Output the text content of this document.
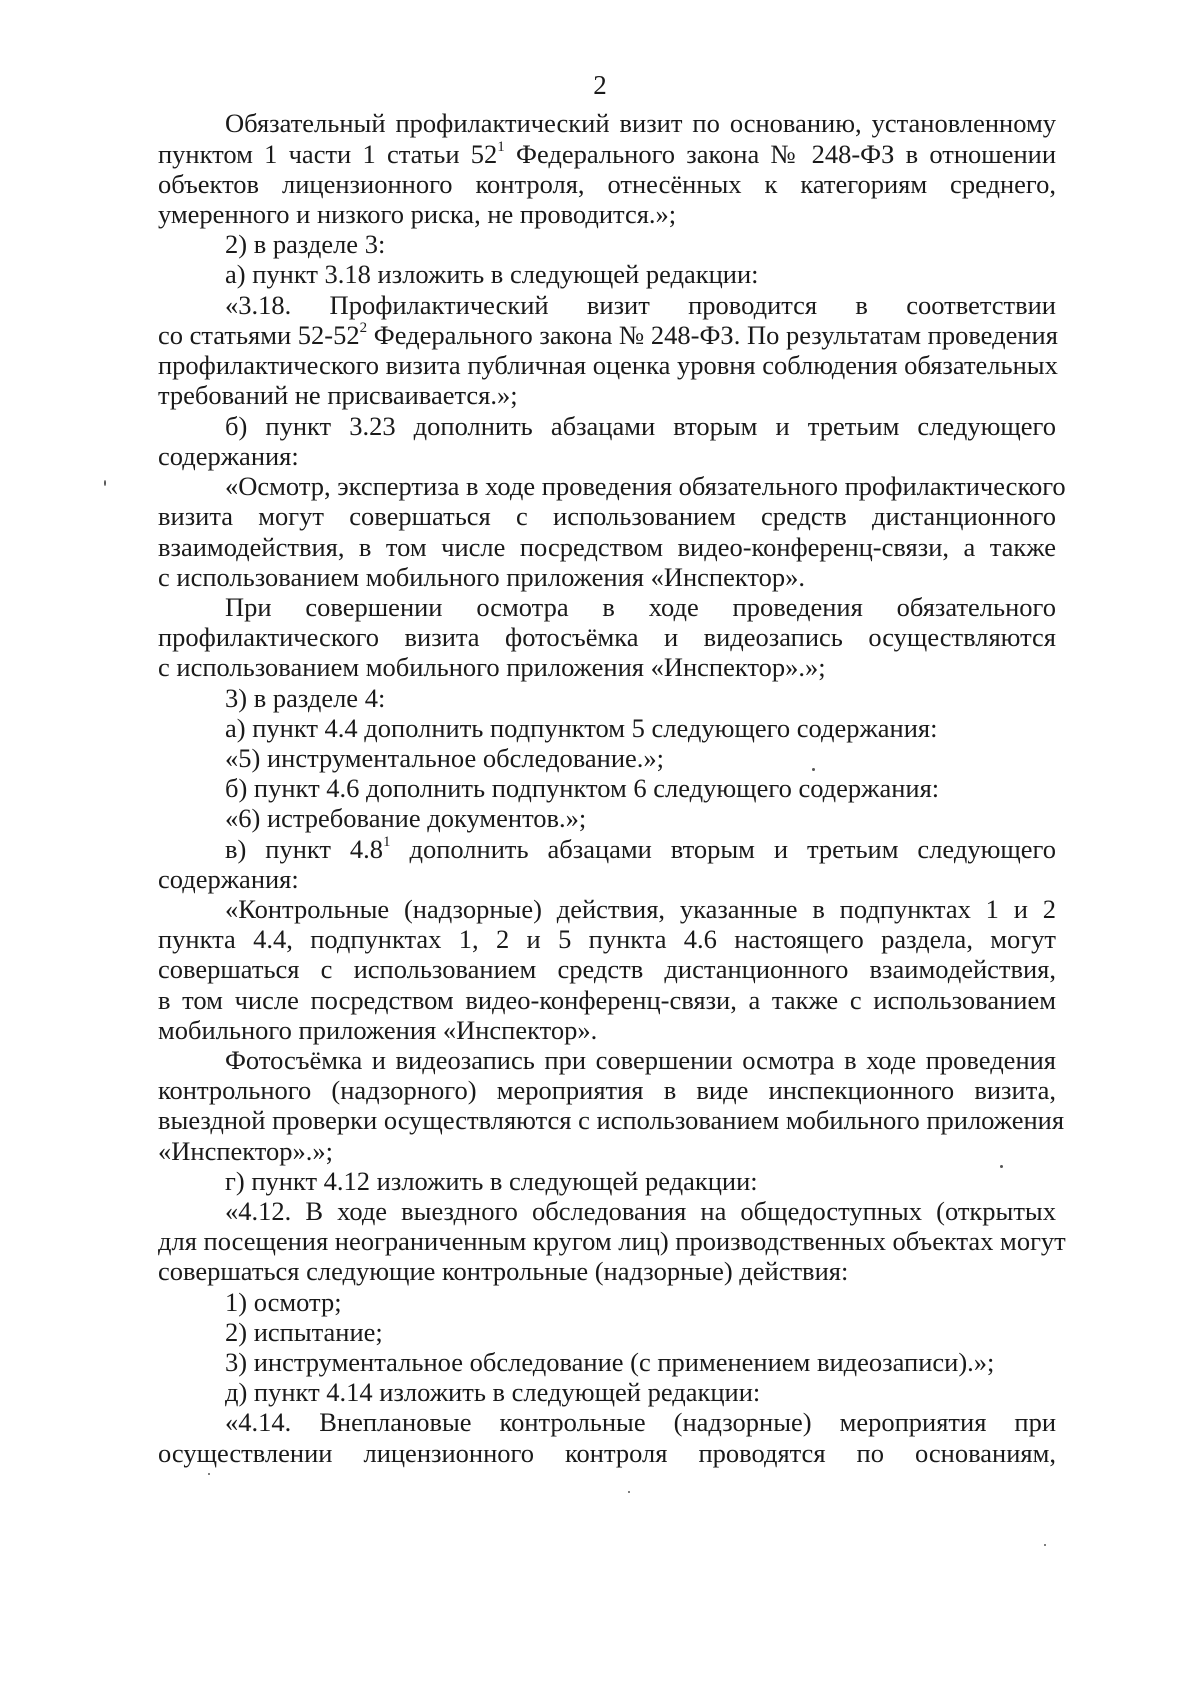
2
Обязательный профилактический визит по основанию, установленному
пунктом 1 части 1 статьи $52^1$ Федерального закона № 248-ФЗ в отношении
объектов лицензионного контроля, отнесённых к категориям среднего,
умеренного и низкого риска, не проводится.»;
2) в разделе 3:
а) пункт 3.18 изложить в следующей редакции:
«3.18. Профилактический визит проводится в соответствии
со статьями $52-52^2$ Федерального закона № 248-ФЗ. По результатам проведения
профилактического визита публичная оценка уровня соблюдения обязательных
требований не присваивается.»;
б) пункт 3.23 дополнить абзацами вторым и третьим следующего
содержания:
«Осмотр, экспертиза в ходе проведения обязательного профилактического
визита могут совершаться с использованием средств дистанционного
взаимодействия, в том числе посредством видео-конференц-связи, а также
с использованием мобильного приложения «Инспектор».
При совершении осмотра в ходе проведения обязательного
профилактического визита фотосъёмка и видеозапись осуществляются
с использованием мобильного приложения «Инспектор».»;
3) в разделе 4:
а) пункт 4.4 дополнить подпунктом 5 следующего содержания:
«5) инструментальное обследование.»;
б) пункт 4.6 дополнить подпунктом 6 следующего содержания:
«6) истребование документов.»;
в) пункт $4.8^1$ дополнить абзацами вторым и третьим следующего
содержания:
«Контрольные (надзорные) действия, указанные в подпунктах 1 и 2
пункта 4.4, подпунктах 1, 2 и 5 пункта 4.6 настоящего раздела, могут
совершаться с использованием средств дистанционного взаимодействия,
в том числе посредством видео-конференц-связи, а также с использованием
мобильного приложения «Инспектор».
Фотосъёмка и видеозапись при совершении осмотра в ходе проведения
контрольного (надзорного) мероприятия в виде инспекционного визита,
выездной проверки осуществляются с использованием мобильного приложения
«Инспектор».»;
г) пункт 4.12 изложить в следующей редакции:
«4.12. В ходе выездного обследования на общедоступных (открытых
для посещения неограниченным кругом лиц) производственных объектах могут
совершаться следующие контрольные (надзорные) действия:
1) осмотр;
2) испытание;
3) инструментальное обследование (с применением видеозаписи).»;
д) пункт 4.14 изложить в следующей редакции:
«4.14. Внеплановые контрольные (надзорные) мероприятия при
осуществлении лицензионного контроля проводятся по основаниям,
